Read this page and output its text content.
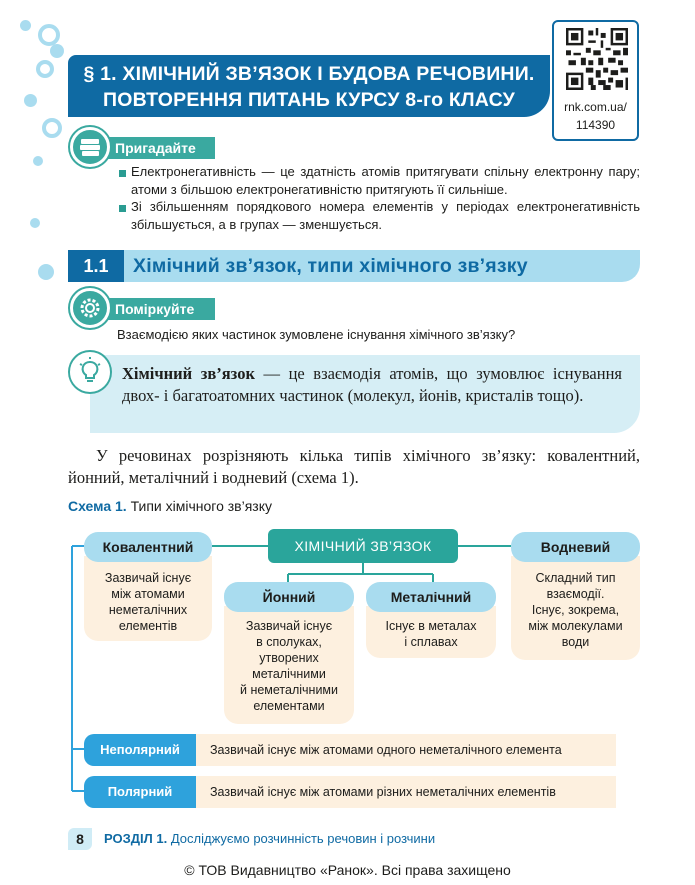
§ 1. ХІМІЧНИЙ ЗВ’ЯЗОК І БУДОВА РЕЧОВИНИ.
ПОВТОРЕННЯ ПИТАНЬ КУРСУ 8-го КЛАСУ	rnk.com.ua/
114390
Пригадайте
Електронегативність — це здатність атомів притягувати спільну електронну пару; атоми з більшою електронегативністю притягують її сильніше.
Зі збільшенням порядкового номера елементів у періодах електронегативність збільшується, а в групах — зменшується.
1.1	Хімічний зв’язок, типи хімічного зв’язку
Поміркуйте
Взаємодією яких частинок зумовлене існування хімічного зв’язку?
Хімічний зв’язок — це взаємодія атомів, що зумовлює існування двох- і багатоатомних частинок (молекул, йонів, кристалів тощо).
У речовинах розрізняють кілька типів хімічного зв’язку: ковалентний, йонний, металічний і водневий (схема 1).
Схема 1. Типи хімічного зв’язку
ХІМІЧНИЙ ЗВ’ЯЗОК
Зазвичай існує
між атомами
неметалічних
елементів
Ковалентний
Складний тип
взаємодії.
Існує, зокрема,
між молекулами
води
Водневий
Зазвичай існує
в сполуках,
утворених
металічними
й неметалічними
елементами
Йонний
Існує в металах
і сплавах
Металічний
Зазвичай існує між атомами одного неметалічного елемента
Неполярний
Зазвичай існує між атомами різних неметалічних елементів
Полярний
8	РОЗДІЛ 1. Досліджуємо розчинність речовин і розчини
© ТОВ Видавництво «Ранок». Всі права захищено
